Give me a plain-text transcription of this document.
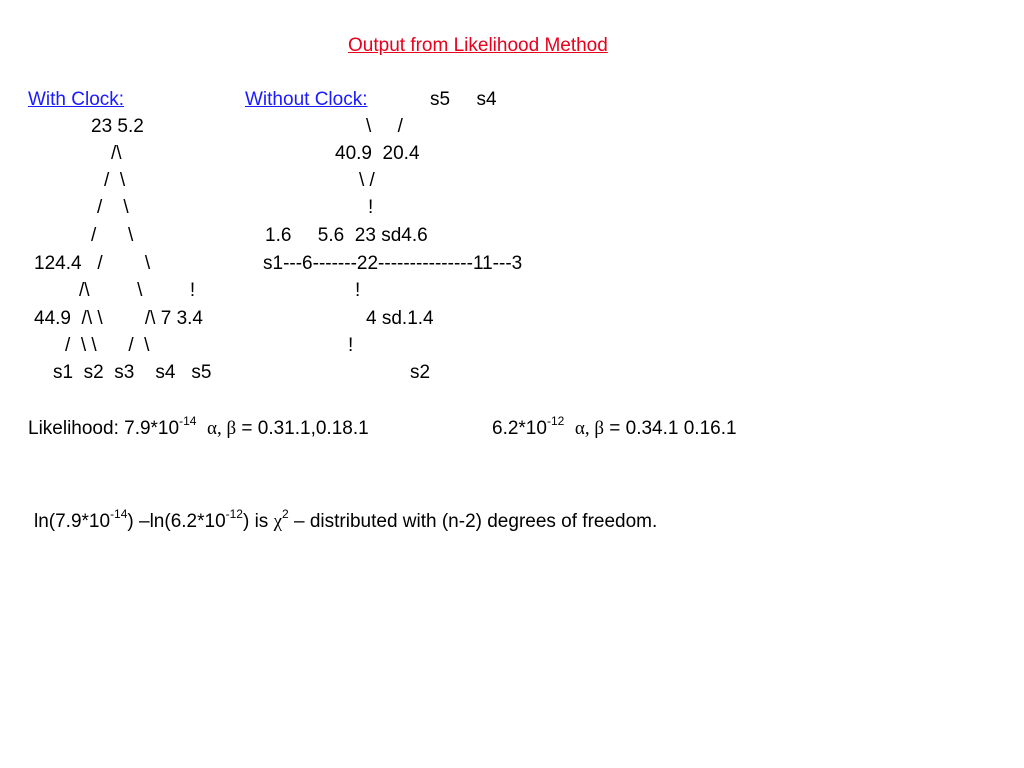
Output from Likelihood Method
With Clock:
23 5.2
/\
/  \
/    \
/      \
124.4   /        \
/\         \         !
44.9  /\ \        /\ 7 3.4
/  \ \      /  \
s1  s2  s3    s4   s5
Without Clock:	s5     s4
\     /
40.9  20.4
\ /
!
1.6     5.6  23 sd4.6
s1---6-------22---------------11---3
!
4 sd.1.4
!
s2
Likelihood: $7.9*10^{-14}$ α, β = 0.31.1,0.18.1	$6.2*10^{-12}$ α, β = 0.34.1 0.16.1
$\ln(7.9*10^{-14})$ $-\ln(6.2*10^{-12})$ is $\chi^2$ – distributed with (n-2) degrees of freedom.
